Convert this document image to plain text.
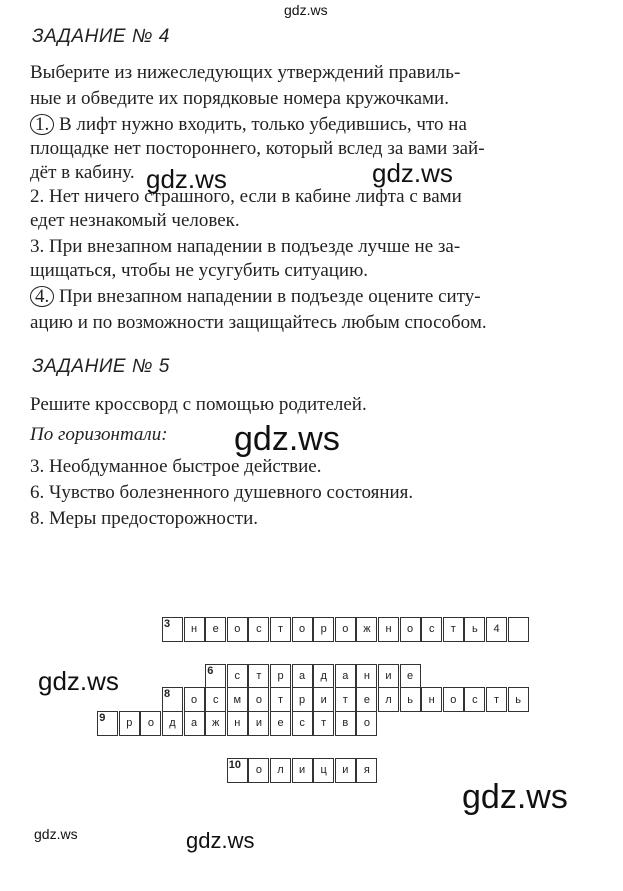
gdz.ws
gdz.ws	gdz.ws
gdz.ws
gdz.ws
gdz.ws
gdz.ws	gdz.ws
ЗАДАНИЕ № 4
Выберите из нижеследующих утверждений правиль-
ные и обведите их порядковые номера кружочками.
1. В лифт нужно входить, только убедившись, что на
площадке нет постороннего, который вслед за вами зай-
дёт в кабину.
2. Нет ничего страшного, если в кабине лифта с вами
едет незнакомый человек.
3. При внезапном нападении в подъезде лучше не за-
щищаться, чтобы не усугубить ситуацию.
4. При внезапном нападении в подъезде оцените ситу-
ацию и по возможности защищайтесь любым способом.
ЗАДАНИЕ № 5
Решите кроссворд с помощью родителей.
По горизонтали:
3. Необдуманное быстрое действие.
6. Чувство болезненного душевного состояния.
8. Меры предосторожности.
3 н е о с т о р о ж н о с т ь 4
6 с т р а д а н и е
8 о с м о т р и т е л ь н о с т ь
9 р о д а ж н и е с т в о
10 о л и ц и я
